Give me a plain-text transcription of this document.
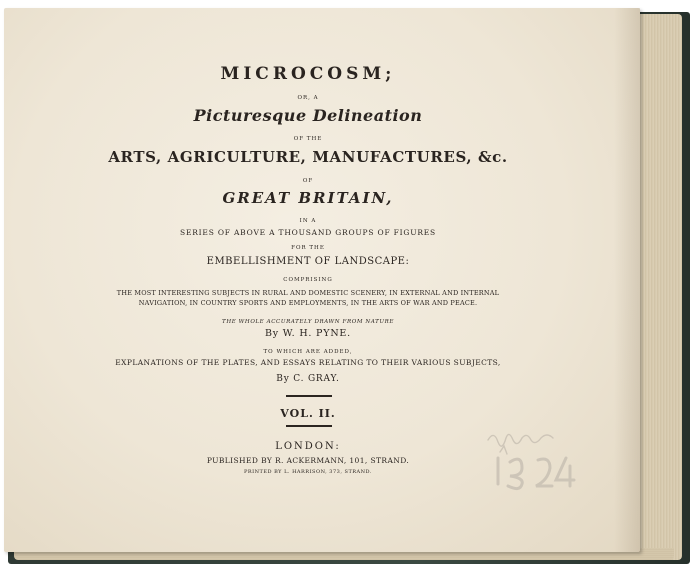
MICROCOSM;
OR, A
Picturesque Delineation
OF THE
ARTS, AGRICULTURE, MANUFACTURES, &c.
OF
GREAT BRITAIN,
IN A
SERIES OF ABOVE A THOUSAND GROUPS OF FIGURES
FOR THE
EMBELLISHMENT OF LANDSCAPE:
COMPRISING
THE MOST INTERESTING SUBJECTS IN RURAL AND DOMESTIC SCENERY, IN EXTERNAL AND INTERNAL
NAVIGATION, IN COUNTRY SPORTS AND EMPLOYMENTS, IN THE ARTS OF WAR AND PEACE.
THE WHOLE ACCURATELY DRAWN FROM NATURE
By W. H. PYNE.
TO WHICH ARE ADDED,
EXPLANATIONS OF THE PLATES, AND ESSAYS RELATING TO THEIR VARIOUS SUBJECTS,
By C. GRAY.
VOL. II.
LONDON:
PUBLISHED BY R. ACKERMANN, 101, STRAND.
PRINTED BY L. HARRISON, 373, STRAND.
